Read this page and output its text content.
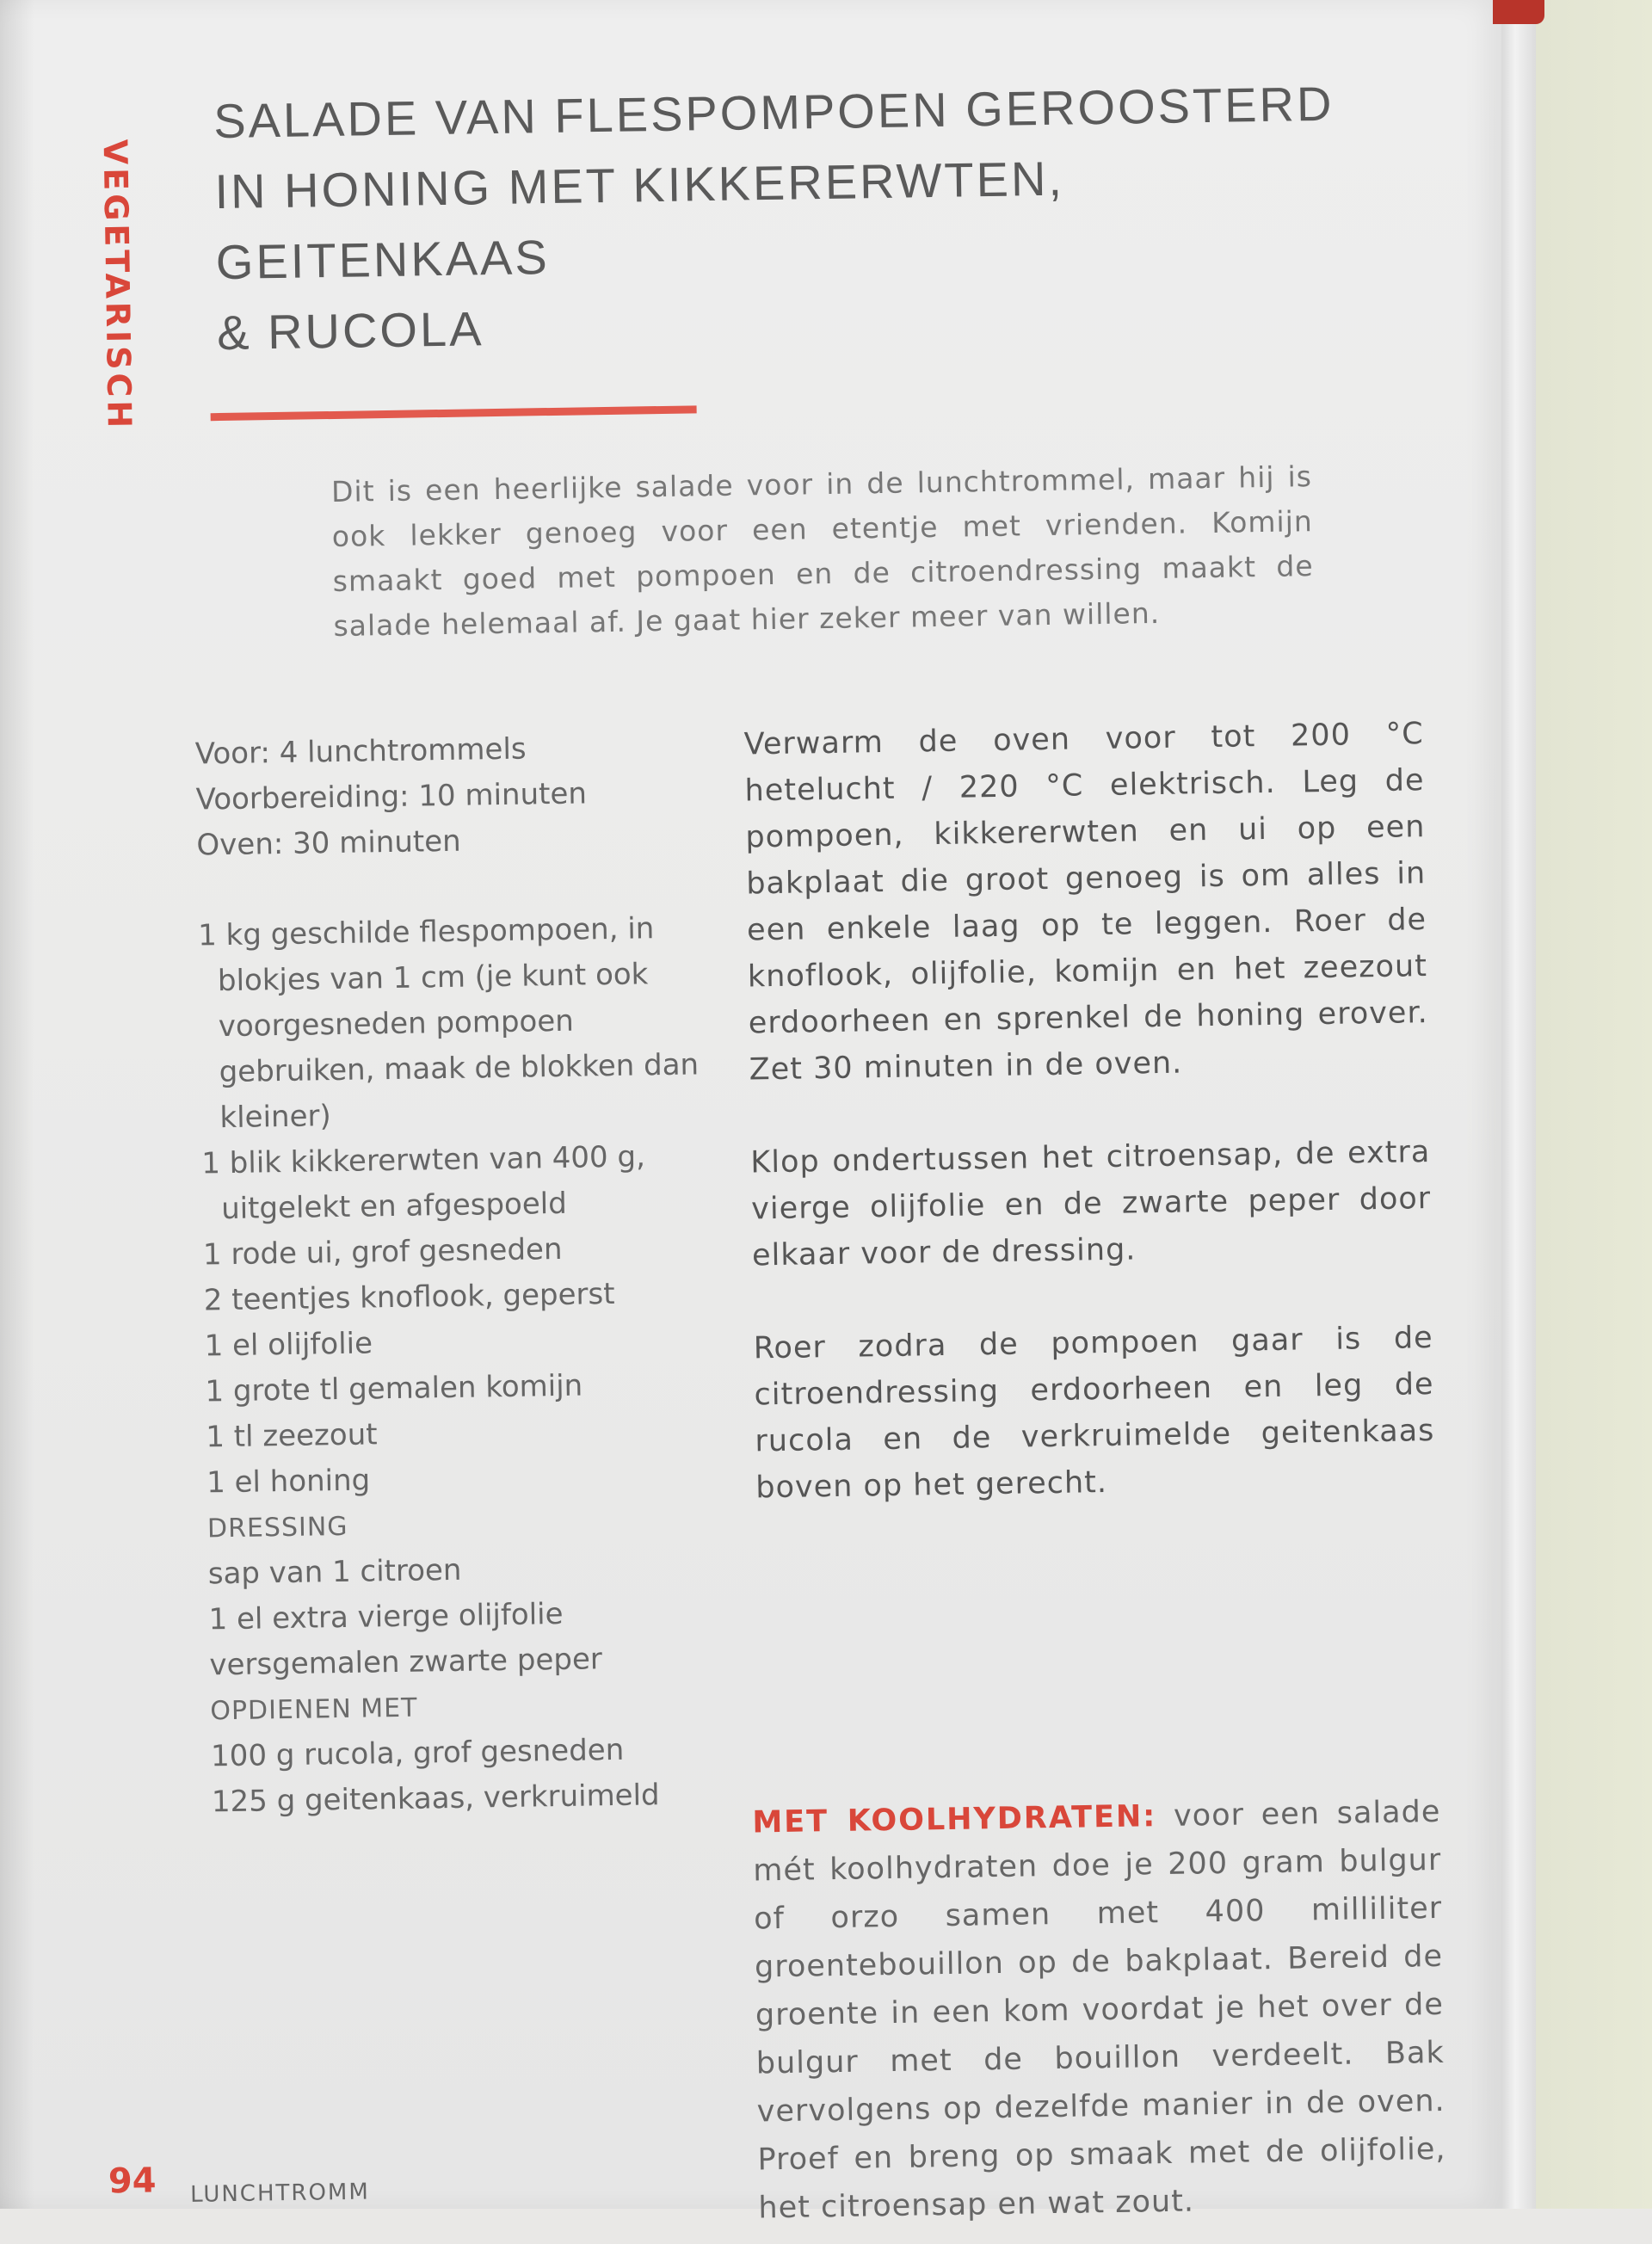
VEGETARISCH
SALADE VAN FLESPOMPOEN GEROOSTERD
IN HONING MET KIKKERERWTEN, GEITENKAAS
& RUCOLA

Dit is een heerlijke salade voor in de lunchtrommel, maar hij is ook lekker genoeg voor een etentje met vrienden. Komijn smaakt goed met pompoen en de citroendressing maakt de salade helemaal af. Je gaat hier zeker meer van willen.

Voor: 4 lunchtrommels

Voorbereiding: 10 minuten

Oven: 30 minuten

1 kg geschilde flespompoen, in blokjes van 1 cm (je kunt ook voorgesneden pompoen gebruiken, maak de blokken dan kleiner)

1 blik kikkererwten van 400 g, uitgelekt en afgespoeld

1 rode ui, grof gesneden

2 teentjes knoflook, geperst

1 el olijfolie

1 grote tl gemalen komijn

1 tl zeezout

1 el honing

DRESSING

sap van 1 citroen

1 el extra vierge olijfolie

versgemalen zwarte peper

OPDIENEN MET

100 g rucola, grof gesneden

125 g geitenkaas, verkruimeld

Verwarm de oven voor tot 200 °C hetelucht / 220 °C elektrisch. Leg de pompoen, kikkererwten en ui op een bakplaat die groot genoeg is om alles in een enkele laag op te leggen. Roer de knoflook, olijfolie, komijn en het zeezout erdoorheen en sprenkel de honing erover. Zet 30 minuten in de oven.

Klop ondertussen het citroensap, de extra vierge olijfolie en de zwarte peper door elkaar voor de dressing.

Roer zodra de pompoen gaar is de citroendressing erdoorheen en leg de rucola en de verkruimelde geitenkaas boven op het gerecht.

MET KOOLHYDRATEN: voor een salade mét koolhydraten doe je 200 gram bulgur of orzo samen met 400 milliliter groentebouillon op de bakplaat. Bereid de groente in een kom voordat je het over de bulgur met de bouillon verdeelt. Bak vervolgens op dezelfde manier in de oven. Proef en breng op smaak met de olijfolie, het citroensap en wat zout.

94 LUNCHTROMM
